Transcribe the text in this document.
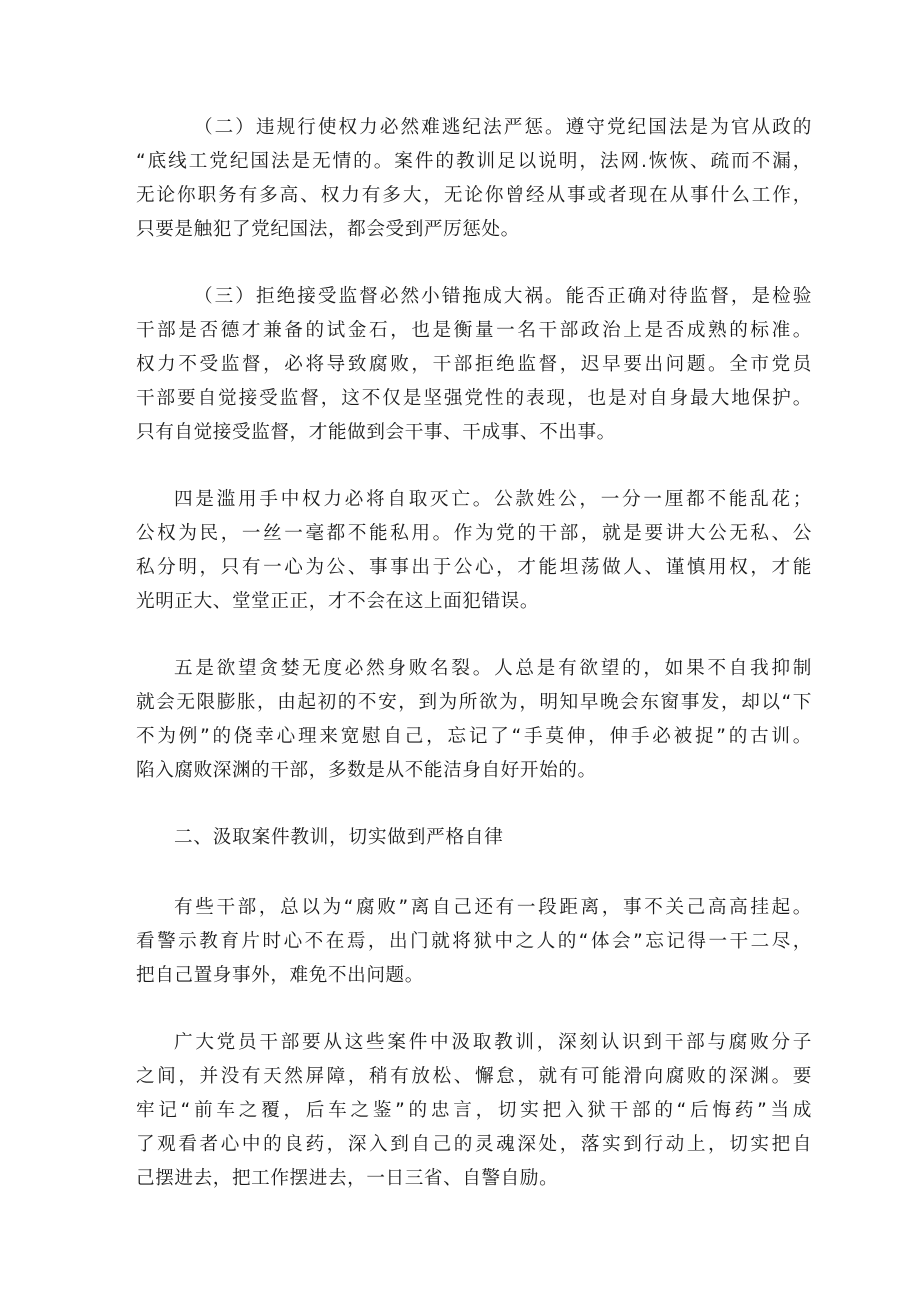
（二）违规行使权力必然难逃纪法严惩。遵守党纪国法是为官从政的
“底线工党纪国法是无情的。案件的教训足以说明，法网.恢恢、疏而不漏，
无论你职务有多高、权力有多大，无论你曾经从事或者现在从事什么工作，
只要是触犯了党纪国法，都会受到严厉惩处。
（三）拒绝接受监督必然小错拖成大祸。能否正确对待监督，是检验
干部是否德才兼备的试金石，也是衡量一名干部政治上是否成熟的标准。
权力不受监督，必将导致腐败，干部拒绝监督，迟早要出问题。全市党员
干部要自觉接受监督，这不仅是坚强党性的表现，也是对自身最大地保护。
只有自觉接受监督，才能做到会干事、干成事、不出事。
四是滥用手中权力必将自取灭亡。公款姓公，一分一厘都不能乱花；
公权为民，一丝一毫都不能私用。作为党的干部，就是要讲大公无私、公
私分明，只有一心为公、事事出于公心，才能坦荡做人、谨慎用权，才能
光明正大、堂堂正正，才不会在这上面犯错误。
五是欲望贪婪无度必然身败名裂。人总是有欲望的，如果不自我抑制
就会无限膨胀，由起初的不安，到为所欲为，明知早晚会东窗事发，却以“下
不为例”的侥幸心理来宽慰自己，忘记了“手莫伸，伸手必被捉”的古训。
陷入腐败深渊的干部，多数是从不能洁身自好开始的。
二、汲取案件教训，切实做到严格自律
有些干部，总以为“腐败”离自己还有一段距离，事不关己高高挂起。
看警示教育片时心不在焉，出门就将狱中之人的“体会”忘记得一干二尽，
把自己置身事外，难免不出问题。
广大党员干部要从这些案件中汲取教训，深刻认识到干部与腐败分子
之间，并没有天然屏障，稍有放松、懈怠，就有可能滑向腐败的深渊。要
牢记“前车之覆，后车之鉴”的忠言，切实把入狱干部的“后悔药”当成
了观看者心中的良药，深入到自己的灵魂深处，落实到行动上，切实把自
己摆进去，把工作摆进去，一日三省、自警自励。
